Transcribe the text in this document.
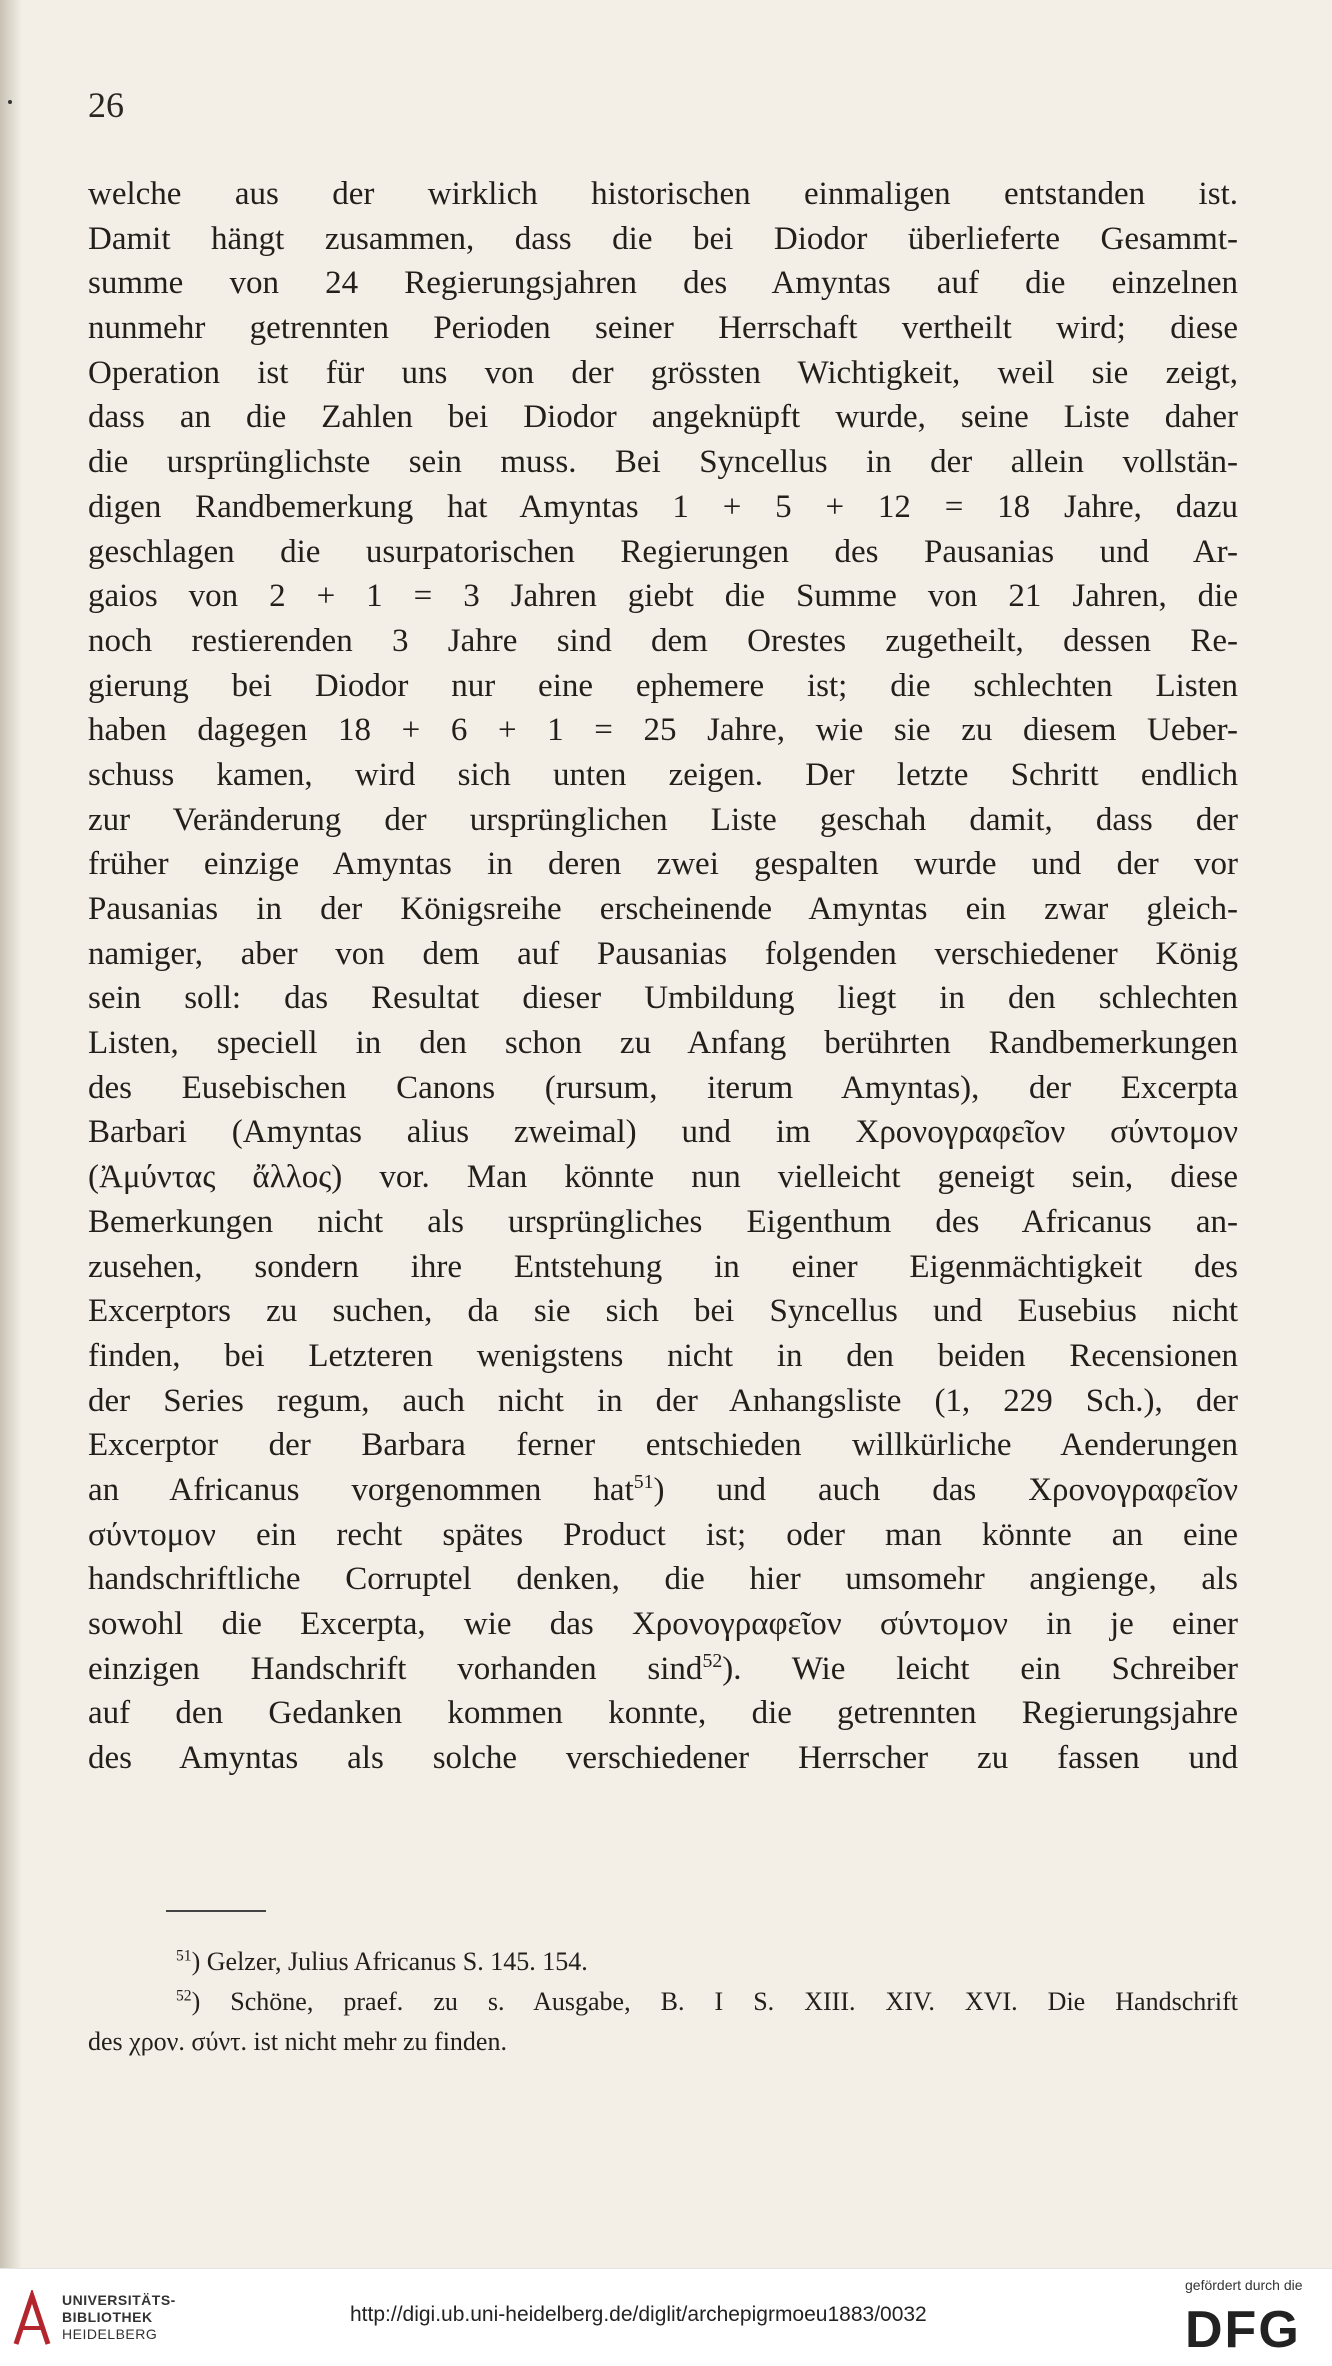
26
welche aus der wirklich historischen einmaligen entstanden ist.
Damit hängt zusammen, dass die bei Diodor überlieferte Gesammt-
summe von 24 Regierungsjahren des Amyntas auf die einzelnen
nunmehr getrennten Perioden seiner Herrschaft vertheilt wird; diese
Operation ist für uns von der grössten Wichtigkeit, weil sie zeigt,
dass an die Zahlen bei Diodor angeknüpft wurde, seine Liste daher
die ursprünglichste sein muss. Bei Syncellus in der allein vollstän-
digen Randbemerkung hat Amyntas 1 + 5 + 12 = 18 Jahre, dazu
geschlagen die usurpatorischen Regierungen des Pausanias und Ar-
gaios von 2 + 1 = 3 Jahren giebt die Summe von 21 Jahren, die
noch restierenden 3 Jahre sind dem Orestes zugetheilt, dessen Re-
gierung bei Diodor nur eine ephemere ist; die schlechten Listen
haben dagegen 18 + 6 + 1 = 25 Jahre, wie sie zu diesem Ueber-
schuss kamen, wird sich unten zeigen. Der letzte Schritt endlich
zur Veränderung der ursprünglichen Liste geschah damit, dass der
früher einzige Amyntas in deren zwei gespalten wurde und der vor
Pausanias in der Königsreihe erscheinende Amyntas ein zwar gleich-
namiger, aber von dem auf Pausanias folgenden verschiedener König
sein soll: das Resultat dieser Umbildung liegt in den schlechten
Listen, speciell in den schon zu Anfang berührten Randbemerkungen
des Eusebischen Canons (rursum, iterum Amyntas), der Excerpta
Barbari (Amyntas alius zweimal) und im Χρονογραφεῖον σύντομον
(Ἀμύντας ἄλλος) vor. Man könnte nun vielleicht geneigt sein, diese
Bemerkungen nicht als ursprüngliches Eigenthum des Africanus an-
zusehen, sondern ihre Entstehung in einer Eigenmächtigkeit des
Excerptors zu suchen, da sie sich bei Syncellus und Eusebius nicht
finden, bei Letzteren wenigstens nicht in den beiden Recensionen
der Series regum, auch nicht in der Anhangsliste (1, 229 Sch.), der
Excerptor der Barbara ferner entschieden willkürliche Aenderungen
an Africanus vorgenommen hat$^{51}$) und auch das Χρονογραφεῖον
σύντομον ein recht spätes Product ist; oder man könnte an eine
handschriftliche Corruptel denken, die hier umsomehr angienge, als
sowohl die Excerpta, wie das Χρονογραφεῖον σύντομον in je einer
einzigen Handschrift vorhanden sind$^{52}$). Wie leicht ein Schreiber
auf den Gedanken kommen konnte, die getrennten Regierungsjahre
des Amyntas als solche verschiedener Herrscher zu fassen und
$^{51}$) Gelzer, Julius Africanus S. 145. 154.
$^{52}$) Schöne, praef. zu s. Ausgabe, B. I S. XIII. XIV. XVI. Die Handschrift
des χρον. σύντ. ist nicht mehr zu finden.
UNIVERSITÄTS-
BIBLIOTHEK
HEIDELBERG
http://digi.ub.uni-heidelberg.de/diglit/archepigrmoeu1883/0032
gefördert durch die
DFG
